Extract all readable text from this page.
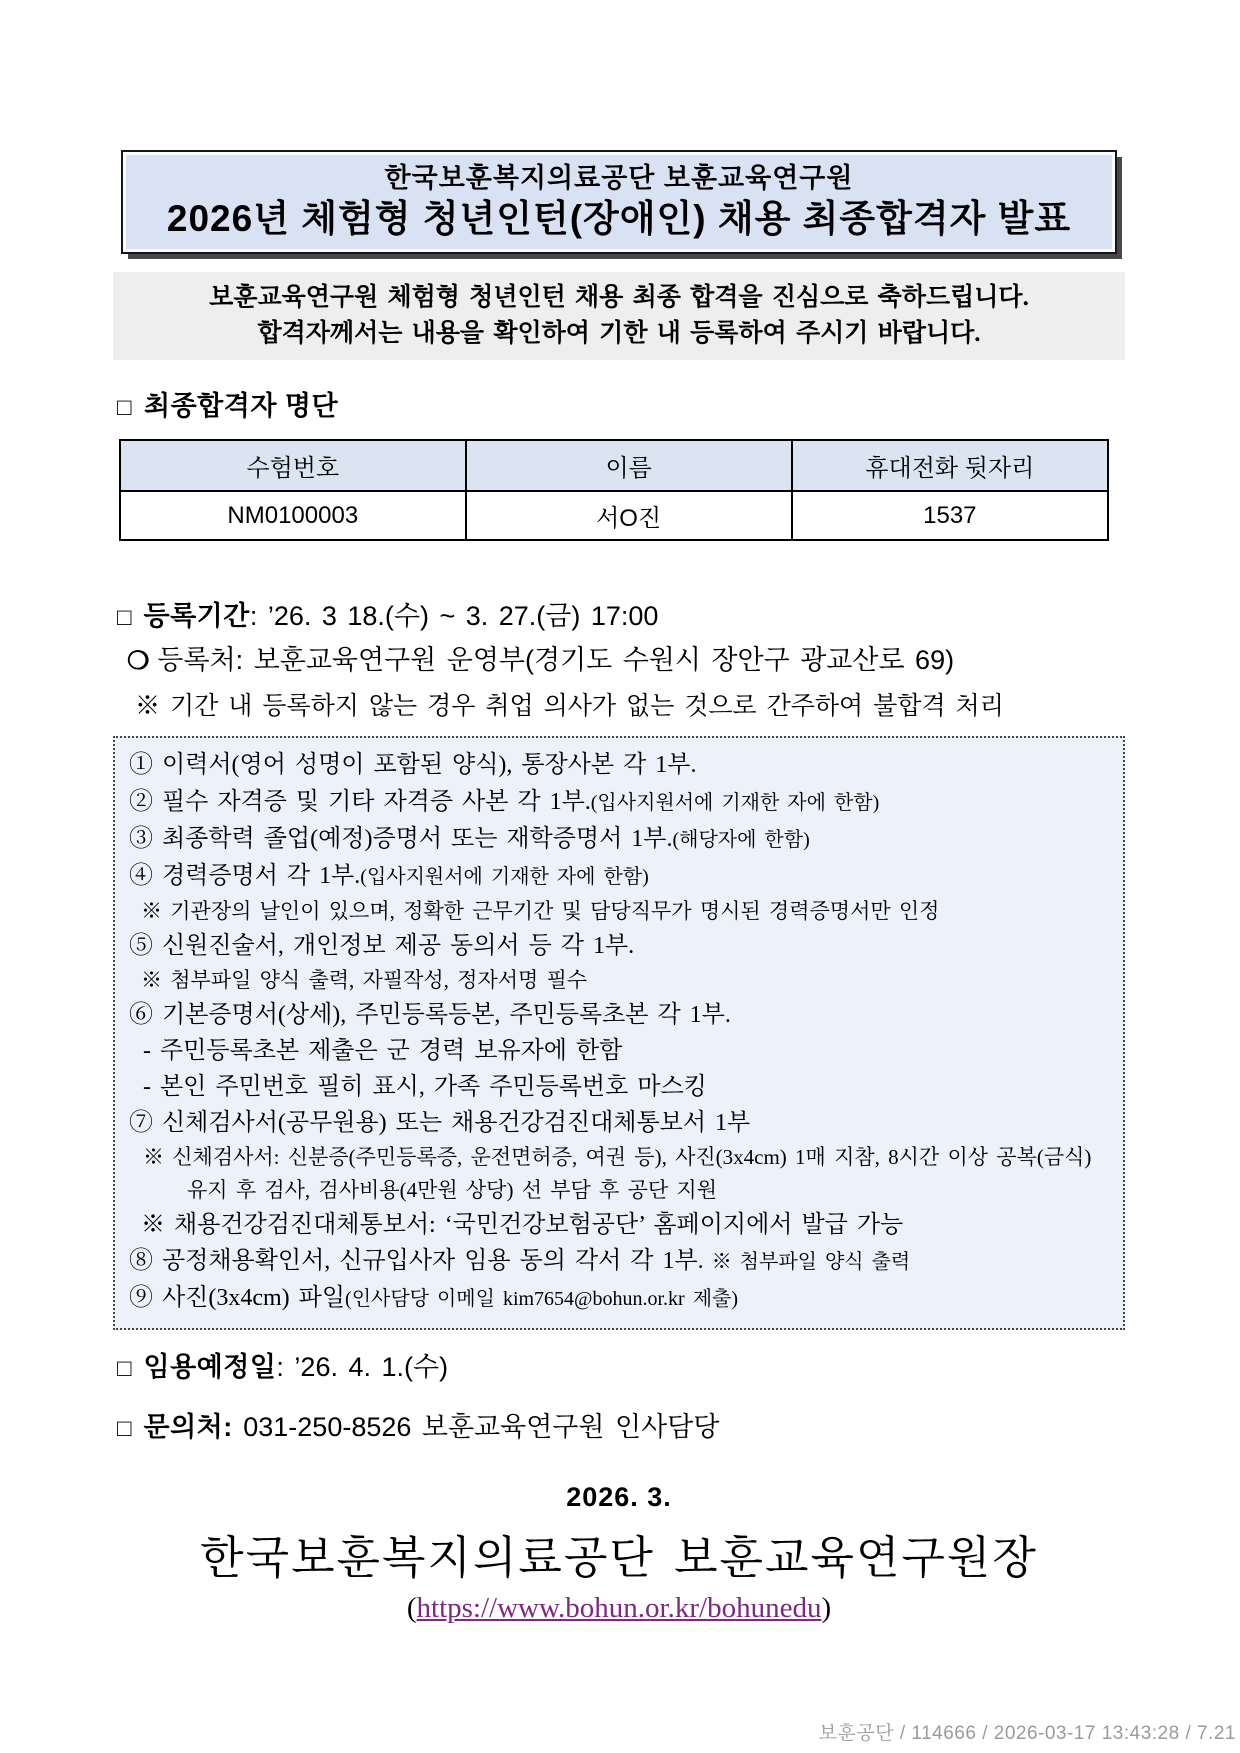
한국보훈복지의료공단 보훈교육연구원
2026년 체험형 청년인턴(장애인) 채용 최종합격자 발표
보훈교육연구원 체험형 청년인턴 채용 최종 합격을 진심으로 축하드립니다.
합격자께서는 내용을 확인하여 기한 내 등록하여 주시기 바랍니다.
□ 최종합격자 명단
수험번호	이름	휴대전화 뒷자리
NM0100003	서O진	1537
□ 등록기간: ’26. 3 18.(수) ~ 3. 27.(금) 17:00
❍ 등록처: 보훈교육연구원 운영부(경기도 수원시 장안구 광교산로 69)
※ 기간 내 등록하지 않는 경우 취업 의사가 없는 것으로 간주하여 불합격 처리
① 이력서(영어 성명이 포함된 양식), 통장사본 각 1부.
② 필수 자격증 및 기타 자격증 사본 각 1부.(입사지원서에 기재한 자에 한함)
③ 최종학력 졸업(예정)증명서 또는 재학증명서 1부.(해당자에 한함)
④ 경력증명서 각 1부.(입사지원서에 기재한 자에 한함)
※ 기관장의 날인이 있으며, 정확한 근무기간 및 담당직무가 명시된 경력증명서만 인정
⑤ 신원진술서, 개인정보 제공 동의서 등 각 1부.
※ 첨부파일 양식 출력, 자필작성, 정자서명 필수
⑥ 기본증명서(상세), 주민등록등본, 주민등록초본 각 1부.
- 주민등록초본 제출은 군 경력 보유자에 한함
- 본인 주민번호 필히 표시, 가족 주민등록번호 마스킹
⑦ 신체검사서(공무원용) 또는 채용건강검진대체통보서 1부
※ 신체검사서: 신분증(주민등록증, 운전면허증, 여권 등), 사진(3x4cm) 1매 지참, 8시간 이상 공복(금식) 유지 후 검사, 검사비용(4만원 상당) 선 부담 후 공단 지원
※ 채용건강검진대체통보서: ‘국민건강보험공단’ 홈페이지에서 발급 가능
⑧ 공정채용확인서, 신규입사자 임용 동의 각서 각 1부. ※ 첨부파일 양식 출력
⑨ 사진(3x4cm) 파일(인사담당 이메일 kim7654@bohun.or.kr 제출)
□ 임용예정일: ’26. 4. 1.(수)
□ 문의처: 031-250-8526 보훈교육연구원 인사담당
2026. 3.
한국보훈복지의료공단 보훈교육연구원장
(https://www.bohun.or.kr/bohunedu)
보훈공단 / 114666 / 2026-03-17 13:43:28 / 7.21
